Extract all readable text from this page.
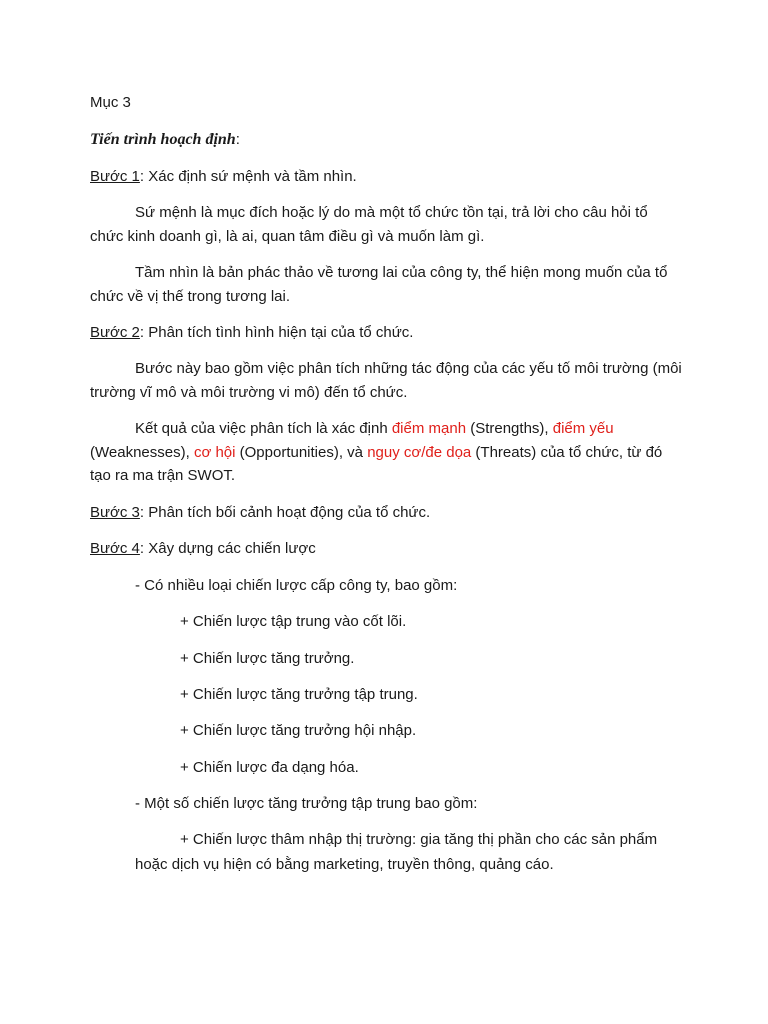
Mục 3
Tiến trình hoạch định:
Bước 1: Xác định sứ mệnh và tầm nhìn.
Sứ mệnh là mục đích hoặc lý do mà một tổ chức tồn tại, trả lời cho câu hỏi tổ
chức kinh doanh gì, là ai, quan tâm điều gì và muốn làm gì.
Tầm nhìn là bản phác thảo về tương lai của công ty, thể hiện mong muốn của tổ
chức về vị thế trong tương lai.
Bước 2: Phân tích tình hình hiện tại của tổ chức.
Bước này bao gồm việc phân tích những tác động của các yếu tố môi trường (môi
trường vĩ mô và môi trường vi mô) đến tổ chức.
Kết quả của việc phân tích là xác định điểm mạnh (Strengths), điểm yếu
(Weaknesses), cơ hội (Opportunities), và nguy cơ/đe dọa (Threats) của tổ chức, từ đó
tạo ra ma trận SWOT.
Bước 3: Phân tích bối cảnh hoạt động của tổ chức.
Bước 4: Xây dựng các chiến lược
- Có nhiều loại chiến lược cấp công ty, bao gồm:
+ Chiến lược tập trung vào cốt lõi.
+ Chiến lược tăng trưởng.
+ Chiến lược tăng trưởng tập trung.
+ Chiến lược tăng trưởng hội nhập.
+ Chiến lược đa dạng hóa.
- Một số chiến lược tăng trưởng tập trung bao gồm:
+ Chiến lược thâm nhập thị trường: gia tăng thị phần cho các sản phẩm
hoặc dịch vụ hiện có bằng marketing, truyền thông, quảng cáo.
